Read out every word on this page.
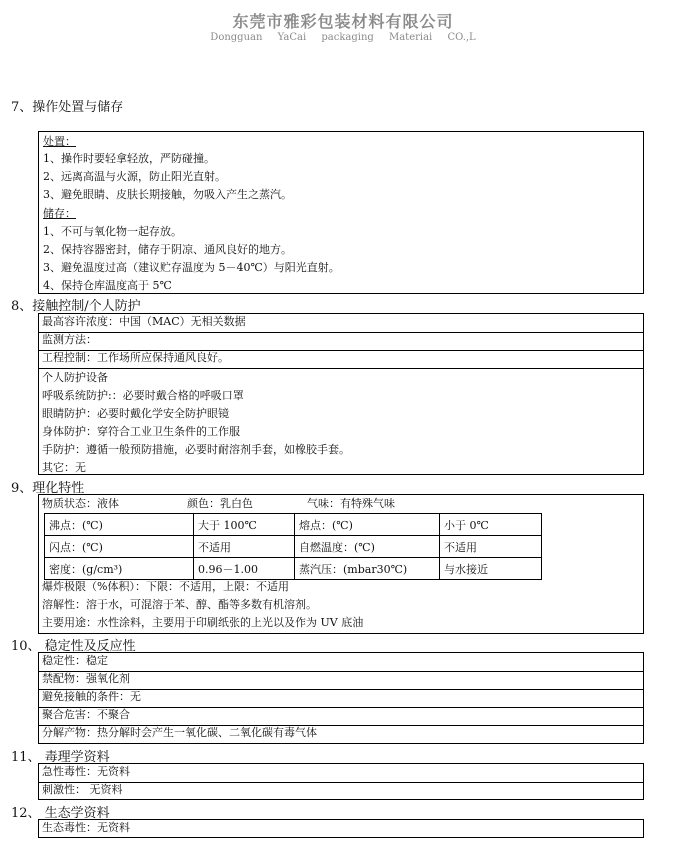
东莞市雅彩包装材料有限公司
Dongguan YaCai packaging Materiai CO.,L
7、操作处置与储存
处置：
1、操作时要轻拿轻放，严防碰撞。
2、远离高温与火源，防止阳光直射。
3、避免眼睛、皮肤长期接触，勿吸入产生之蒸汽。
储存：
1、不可与氧化物一起存放。
2、保持容器密封，储存于阴凉、通风良好的地方。
3、避免温度过高（建议贮存温度为 5－40℃）与阳光直射。
4、保持仓库温度高于 5℃
8、接触控制/个人防护
最高容许浓度：中国（MAC）无相关数据
监测方法：
工程控制：工作场所应保持通风良好。
个人防护设备
呼吸系统防护:：必要时戴合格的呼吸口罩
眼睛防护：必要时戴化学安全防护眼镜
身体防护：穿符合工业卫生条件的工作服
手防护：遵循一般预防措施，必要时耐溶剂手套，如橡胶手套。
其它：无
9、理化特性
物质状态：液体	颜色：乳白色	气味：有特殊气味
沸点：(℃)	大于 100℃	熔点：(℃)	小于 0℃
闪点：(℃)	不适用	自燃温度：(℃)	不适用
密度：(g/cm³)	0.96－1.00	蒸汽压：(mbar30℃)	与水接近
爆炸极限（%体积）：下限：不适用，上限：不适用
溶解性：溶于水，可混溶于苯、醇、酯等多数有机溶剂。
主要用途：水性涂料，主要用于印刷纸张的上光以及作为 UV 底油
10、 稳定性及反应性
稳定性：稳定
禁配物：强氧化剂
避免接触的条件：无
聚合危害：不聚合
分解产物：热分解时会产生一氧化碳、二氧化碳有毒气体
11、 毒理学资料
急性毒性：无资料
刺激性： 无资料
12、 生态学资料
生态毒性：无资料
